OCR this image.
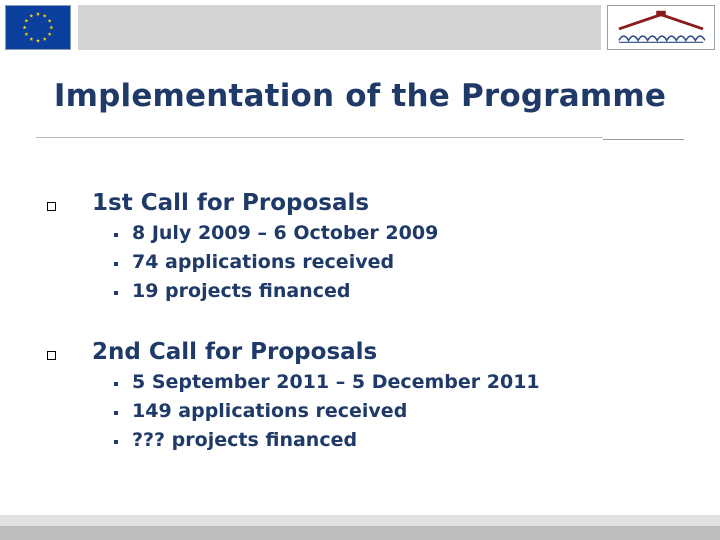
Implementation of the Programme
1st Call for Proposals
8 July 2009 – 6 October 2009
74 applications received
19 projects financed
2nd Call for Proposals
5 September 2011 – 5 December 2011
149 applications received
??? projects financed
